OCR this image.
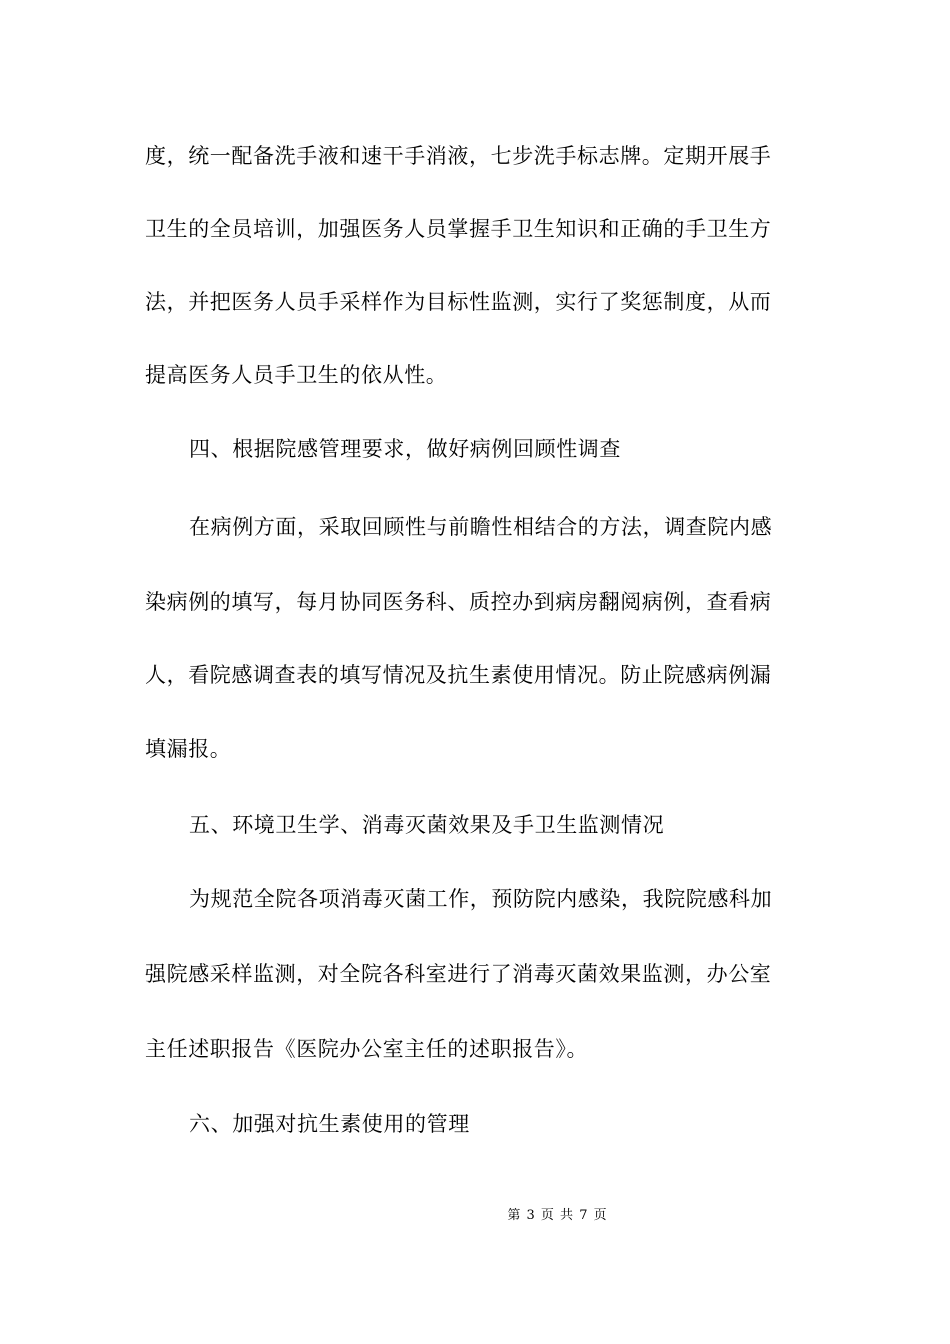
度，统一配备洗手液和速干手消液，七步洗手标志牌。定期开展手
卫生的全员培训，加强医务人员掌握手卫生知识和正确的手卫生方
法，并把医务人员手采样作为目标性监测，实行了奖惩制度，从而
提高医务人员手卫生的依从性。
四、根据院感管理要求，做好病例回顾性调查
在病例方面，采取回顾性与前瞻性相结合的方法，调查院内感
染病例的填写，每月协同医务科、质控办到病房翻阅病例，查看病
人，看院感调查表的填写情况及抗生素使用情况。防止院感病例漏
填漏报。
五、环境卫生学、消毒灭菌效果及手卫生监测情况
为规范全院各项消毒灭菌工作，预防院内感染，我院院感科加
强院感采样监测，对全院各科室进行了消毒灭菌效果监测，办公室
主任述职报告《医院办公室主任的述职报告》。
六、加强对抗生素使用的管理
第 3 页 共 7 页
